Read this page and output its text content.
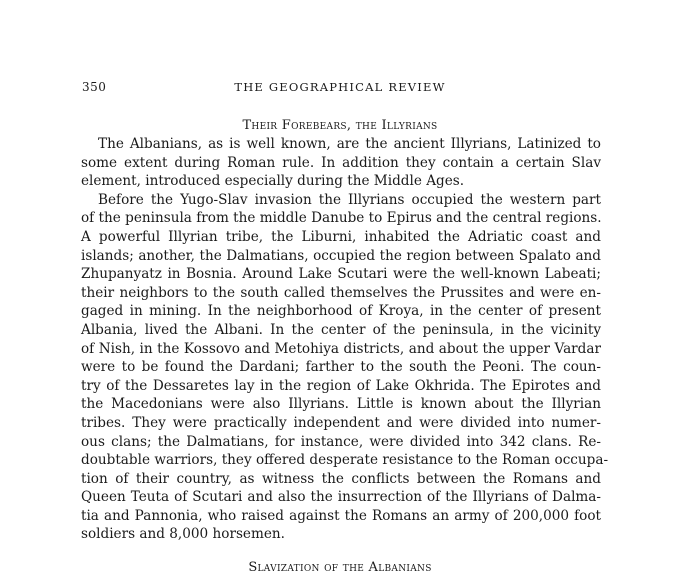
350	THE GEOGRAPHICAL REVIEW
Their Forebears, the Illyrians
The Albanians, as is well known, are the ancient Illyrians, Latinized to
some extent during Roman rule. In addition they contain a certain Slav
element, introduced especially during the Middle Ages.
Before the Yugo-Slav invasion the Illyrians occupied the western part
of the peninsula from the middle Danube to Epirus and the central regions.
A powerful Illyrian tribe, the Liburni, inhabited the Adriatic coast and
islands; another, the Dalmatians, occupied the region between Spalato and
Zhupanyatz in Bosnia. Around Lake Scutari were the well-known Labeati;
their neighbors to the south called themselves the Prussites and were en-
gaged in mining. In the neighborhood of Kroya, in the center of present
Albania, lived the Albani. In the center of the peninsula, in the vicinity
of Nish, in the Kossovo and Metohiya districts, and about the upper Vardar
were to be found the Dardani; farther to the south the Peoni. The coun-
try of the Dessaretes lay in the region of Lake Okhrida. The Epirotes and
the Macedonians were also Illyrians. Little is known about the Illyrian
tribes. They were practically independent and were divided into numer-
ous clans; the Dalmatians, for instance, were divided into 342 clans. Re-
doubtable warriors, they offered desperate resistance to the Roman occupa-
tion of their country, as witness the conflicts between the Romans and
Queen Teuta of Scutari and also the insurrection of the Illyrians of Dalma-
tia and Pannonia, who raised against the Romans an army of 200,000 foot
soldiers and 8,000 horsemen.
Slavization of the Albanians
